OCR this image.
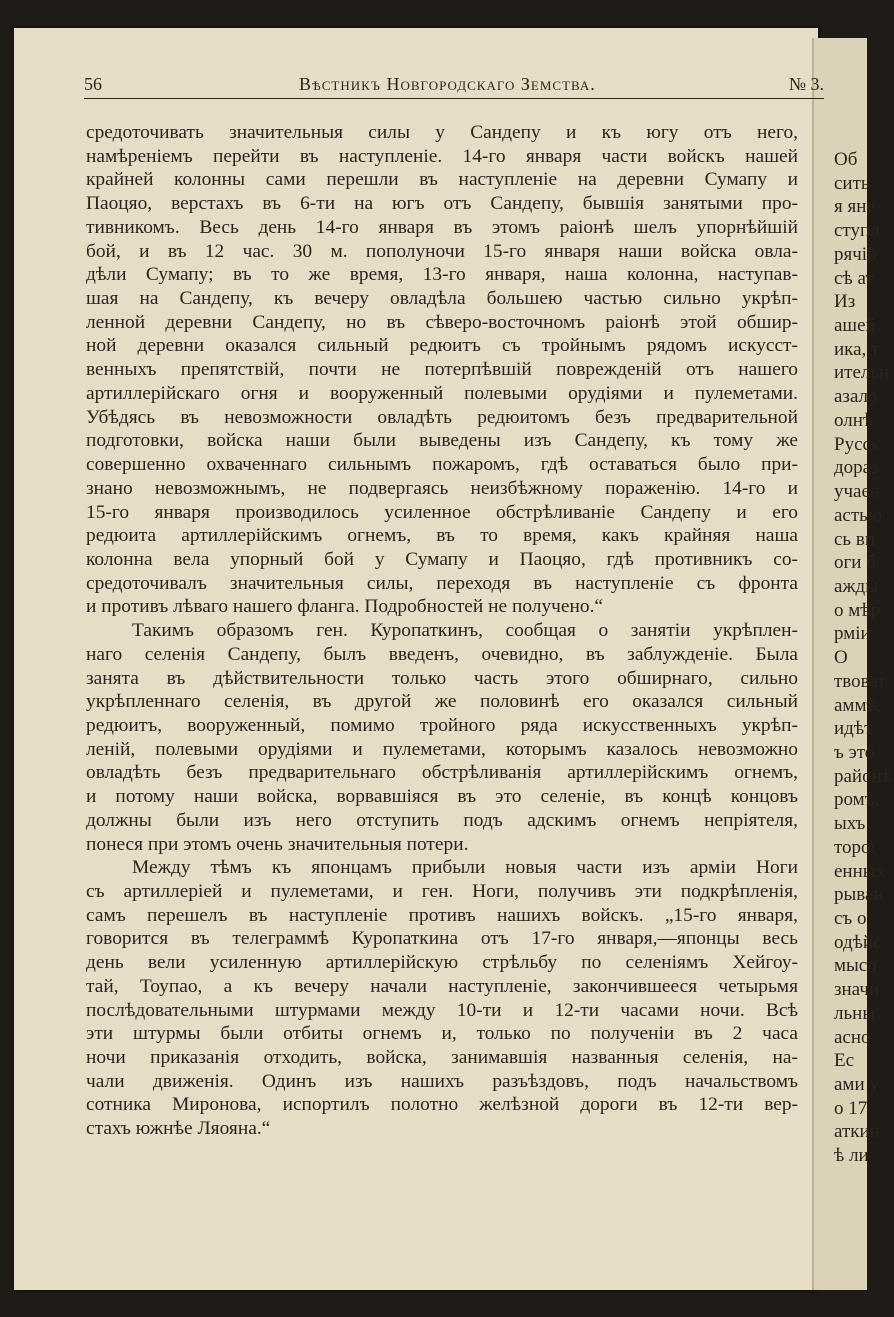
Об
сить
я яне
ступл
рячій
сѣ ат
Из
ашей
ика, т
ительн
азало
олнѣ
Русск
дораз
учаен
астью
сь вп
оги б
ажды
о мѣр
рміи
О
твоват
аммѣ,
идѣт
ъ это
районѣ
ромъ,
ыхъ
торої
енных
рыван
съ о
одѣйс
мысл
значи
льны
асно
Ес
ами у
о 17
аткин
ѣ ли
56	Вѣстникъ Новгородскаго Земства.	№ 3.
средоточивать значительныя силы у Сандепу и къ югу отъ него,
намѣреніемъ перейти въ наступленіе. 14-го января части войскъ нашей
крайней колонны сами перешли въ наступленіе на деревни Сумапу и
Паоцяо, верстахъ въ 6-ти на югъ отъ Сандепу, бывшія занятыми про-
тивникомъ. Весь день 14-го января въ этомъ раіонѣ шелъ упорнѣйшій
бой, и въ 12 час. 30 м. пополуночи 15-го января наши войска овла-
дѣли Сумапу; въ то же время, 13-го января, наша колонна, наступав-
шая на Сандепу, къ вечеру овладѣла большею частью сильно укрѣп-
ленной деревни Сандепу, но въ сѣверо-восточномъ раіонѣ этой обшир-
ной деревни оказался сильный редюитъ съ тройнымъ рядомъ искусст-
венныхъ препятствій, почти не потерпѣвшій поврежденій отъ нашего
артиллерійскаго огня и вооруженный полевыми орудіями и пулеметами.
Убѣдясь въ невозможности овладѣть редюитомъ безъ предварительной
подготовки, войска наши были выведены изъ Сандепу, къ тому же
совершенно охваченнаго сильнымъ пожаромъ, гдѣ оставаться было при-
знано невозможнымъ, не подвергаясь неизбѣжному пораженію. 14-го и
15-го января производилось усиленное обстрѣливаніе Сандепу и его
редюита артиллерійскимъ огнемъ, въ то время, какъ крайняя наша
колонна вела упорный бой у Сумапу и Паоцяо, гдѣ противникъ со-
средоточивалъ значительныя силы, переходя въ наступленіе съ фронта
и противъ лѣваго нашего фланга. Подробностей не получено.“
Такимъ образомъ ген. Куропаткинъ, сообщая о занятіи укрѣплен-
наго селенія Сандепу, былъ введенъ, очевидно, въ заблужденіе. Была
занята въ дѣйствительности только часть этого обширнаго, сильно
укрѣпленнаго селенія, въ другой же половинѣ его оказался сильный
редюитъ, вооруженный, помимо тройного ряда искусственныхъ укрѣп-
леній, полевыми орудіями и пулеметами, которымъ казалось невозможно
овладѣть безъ предварительнаго обстрѣливанія артиллерійскимъ огнемъ,
и потому наши войска, ворвавшіяся въ это селеніе, въ концѣ концовъ
должны были изъ него отступить подъ адскимъ огнемъ непріятеля,
понеся при этомъ очень значительныя потери.
Между тѣмъ къ японцамъ прибыли новыя части изъ арміи Ноги
съ артиллеріей и пулеметами, и ген. Ноги, получивъ эти подкрѣпленія,
самъ перешелъ въ наступленіе противъ нашихъ войскъ. „15-го января,
говорится въ телеграммѣ Куропаткина отъ 17-го января,—японцы весь
день вели усиленную артиллерійскую стрѣльбу по селеніямъ Хейгоу-
тай, Тоупао, а къ вечеру начали наступленіе, закончившееся четырьмя
послѣдовательными штурмами между 10-ти и 12-ти часами ночи. Всѣ
эти штурмы были отбиты огнемъ и, только по полученіи въ 2 часа
ночи приказанія отходить, войска, занимавшія названныя селенія, на-
чали движенія. Одинъ изъ нашихъ разъѣздовъ, подъ начальствомъ
сотника Миронова, испортилъ полотно желѣзной дороги въ 12-ти вер-
стахъ южнѣе Ляояна.“
